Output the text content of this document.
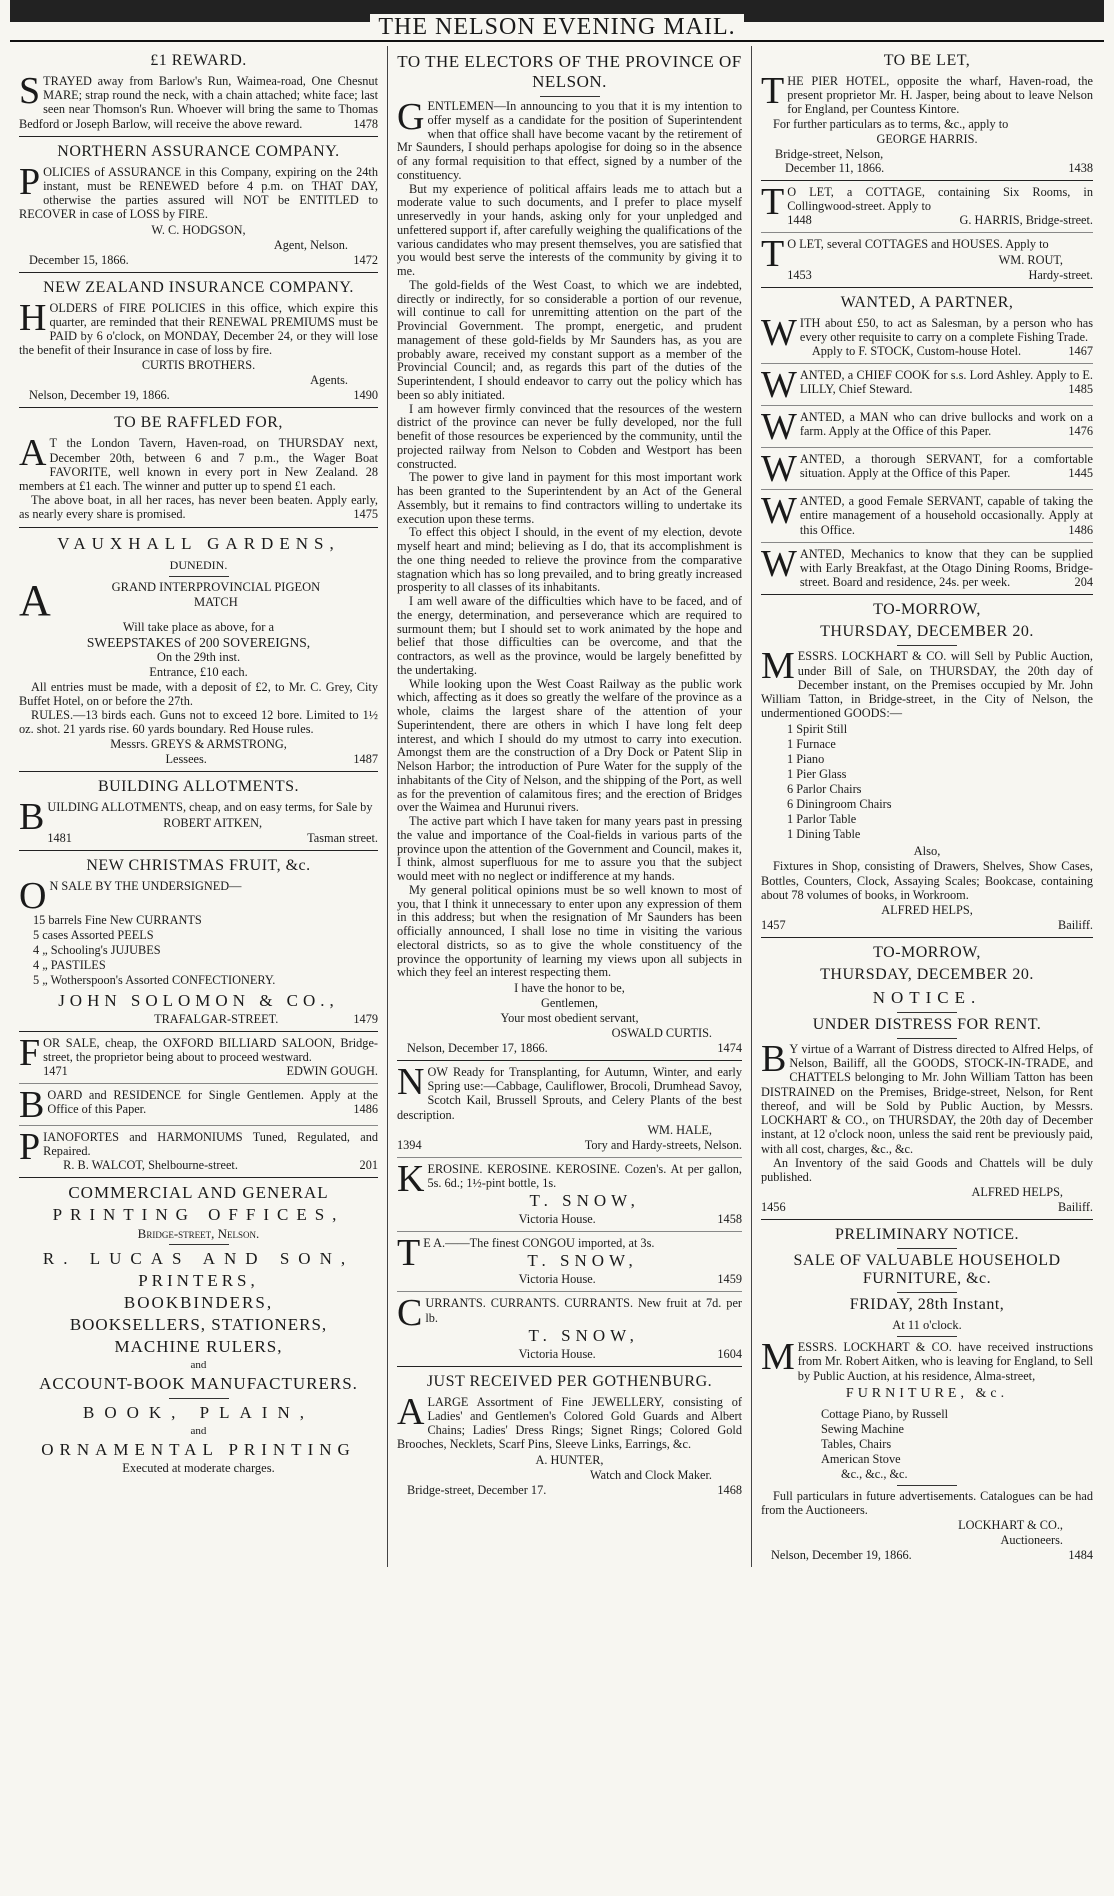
THE NELSON EVENING MAIL.
£1 REWARD.

STRAYED away from Barlow's Run, Waimea-road, One Chesnut MARE; strap round the neck, with a chain attached; white face; last seen near Thomson's Run. Whoever will bring the same to Thomas Bedford or Joseph Barlow, will receive the above reward.	1478

NORTHERN ASSURANCE COMPANY.

POLICIES of ASSURANCE in this Company, expiring on the 24th instant, must be RENEWED before 4 p.m. on THAT DAY, otherwise the parties assured will NOT be ENTITLED to RECOVER in case of LOSS by FIRE.

W. C. HODGSON,
Agent, Nelson.
December 15, 1866.	1472
NEW ZEALAND INSURANCE COMPANY.

HOLDERS of FIRE POLICIES in this office, which expire this quarter, are reminded that their RENEWAL PREMIUMS must be PAID by 6 o'clock, on MONDAY, December 24, or they will lose the benefit of their Insurance in case of loss by fire.

CURTIS BROTHERS.
Agents.
Nelson, December 19, 1866.	1490
TO BE RAFFLED FOR,

A T the London Tavern, Haven-road, on THURSDAY next, December 20th, between 6 and 7 p.m., the Wager Boat FAVORITE, well known in every port in New Zealand. 28 members at £1 each. The winner and putter up to spend £1 each.

The above boat, in all her races, has never been beaten. Apply early, as nearly every share is promised.	1475

VAUXHALL GARDENS,
DUNEDIN.
A	GRAND INTERPROVINCIAL PIGEON
MATCH
Will take place as above, for a
SWEEPSTAKES of 200 SOVEREIGNS,
On the 29th inst.
Entrance, £10 each.

All entries must be made, with a deposit of £2, to Mr. C. Grey, City Buffet Hotel, on or before the 27th.

RULES.—13 birds each. Guns not to exceed 12 bore. Limited to 1½ oz. shot. 21 yards rise. 60 yards boundary. Red House rules.

Messrs. GREYS & ARMSTRONG,
Lessees.	1487
BUILDING ALLOTMENTS.

BUILDING ALLOTMENTS, cheap, and on easy terms, for Sale by

ROBERT AITKEN,
1481	Tasman street.
NEW CHRISTMAS FRUIT, &c.

O N SALE BY THE UNDERSIGNED—

15 barrels Fine New CURRANTS
5 cases Assorted PEELS
4 „ Schooling's JUJUBES
4 „ PASTILES
5 „ Wotherspoon's Assorted CONFECTIONERY.
JOHN SOLOMON & CO.,
TRAFALGAR-STREET.	1479

FOR SALE, cheap, the OXFORD BILLIARD SALOON, Bridge-street, the proprietor being about to proceed westward.

1471	EDWIN GOUGH.

BOARD and RESIDENCE for Single Gentlemen. Apply at the Office of this Paper.	1486

PIANOFORTES and HARMONIUMS Tuned, Regulated, and Repaired.

R. B. WALCOT, Shelbourne-street.	201
COMMERCIAL AND GENERAL
PRINTING OFFICES,
Bridge-street, Nelson.
R. LUCAS AND SON,
PRINTERS,
BOOKBINDERS,
BOOKSELLERS, STATIONERS,
MACHINE RULERS,
and
ACCOUNT-BOOK MANUFACTURERS.
BOOK, PLAIN,
and
ORNAMENTAL PRINTING
Executed at moderate charges.
TO THE ELECTORS OF THE PROVINCE OF NELSON.

GENTLEMEN—In announcing to you that it is my intention to offer myself as a candidate for the position of Superintendent when that office shall have become vacant by the retirement of Mr Saunders, I should perhaps apologise for doing so in the absence of any formal requisition to that effect, signed by a number of the constituency.

But my experience of political affairs leads me to attach but a moderate value to such documents, and I prefer to place myself unreservedly in your hands, asking only for your unpledged and unfettered support if, after carefully weighing the qualifications of the various candidates who may present themselves, you are satisfied that you would best serve the interests of the community by giving it to me.

The gold-fields of the West Coast, to which we are indebted, directly or indirectly, for so considerable a portion of our revenue, will continue to call for unremitting attention on the part of the Provincial Government. The prompt, energetic, and prudent management of these gold-fields by Mr Saunders has, as you are probably aware, received my constant support as a member of the Provincial Council; and, as regards this part of the duties of the Superintendent, I should endeavor to carry out the policy which has been so ably initiated.

I am however firmly convinced that the resources of the western district of the province can never be fully developed, nor the full benefit of those resources be experienced by the community, until the projected railway from Nelson to Cobden and Westport has been constructed.

The power to give land in payment for this most important work has been granted to the Superintendent by an Act of the General Assembly, but it remains to find contractors willing to undertake its execution upon these terms.

To effect this object I should, in the event of my election, devote myself heart and mind; believing as I do, that its accomplishment is the one thing needed to relieve the province from the comparative stagnation which has so long prevailed, and to bring greatly increased prosperity to all classes of its inhabitants.

I am well aware of the difficulties which have to be faced, and of the energy, determination, and perseverance which are required to surmount them; but I should set to work animated by the hope and belief that those difficulties can be overcome, and that the contractors, as well as the province, would be largely benefitted by the undertaking.

While looking upon the West Coast Railway as the public work which, affecting as it does so greatly the welfare of the province as a whole, claims the largest share of the attention of your Superintendent, there are others in which I have long felt deep interest, and which I should do my utmost to carry into execution. Amongst them are the construction of a Dry Dock or Patent Slip in Nelson Harbor; the introduction of Pure Water for the supply of the inhabitants of the City of Nelson, and the shipping of the Port, as well as for the prevention of calamitous fires; and the erection of Bridges over the Waimea and Hurunui rivers.

The active part which I have taken for many years past in pressing the value and importance of the Coal-fields in various parts of the province upon the attention of the Government and Council, makes it, I think, almost superfluous for me to assure you that the subject would meet with no neglect or indifference at my hands.

My general political opinions must be so well known to most of you, that I think it unnecessary to enter upon any expression of them in this address; but when the resignation of Mr Saunders has been officially announced, I shall lose no time in visiting the various electoral districts, so as to give the whole constituency of the province the opportunity of learning my views upon all subjects in which they feel an interest respecting them.

I have the honor to be,
Gentlemen,
Your most obedient servant,
OSWALD CURTIS.
Nelson, December 17, 1866.	1474

NOW Ready for Transplanting, for Autumn, Winter, and early Spring use:—Cabbage, Cauliflower, Brocoli, Drumhead Savoy, Scotch Kail, Brussell Sprouts, and Celery Plants of the best description.

WM. HALE,
1394	Tory and Hardy-streets, Nelson.

KEROSINE. KEROSINE. KEROSINE. Cozen's. At per gallon, 5s. 6d.; 1½-pint bottle, 1s.

T. SNOW,
Victoria House.	1458

T E A.——The finest CONGOU imported, at 3s.

T. SNOW,
Victoria House.	1459

CURRANTS. CURRANTS. CURRANTS. New fruit at 7d. per lb.

T. SNOW,
Victoria House.	1604
JUST RECEIVED PER GOTHENBURG.

ALARGE Assortment of Fine JEWELLERY, consisting of Ladies' and Gentlemen's Colored Gold Guards and Albert Chains; Ladies' Dress Rings; Signet Rings; Colored Gold Brooches, Necklets, Scarf Pins, Sleeve Links, Earrings, &c.

A. HUNTER,
Watch and Clock Maker.
Bridge-street, December 17.	1468
TO BE LET,

THE PIER HOTEL, opposite the wharf, Haven-road, the present proprietor Mr. H. Jasper, being about to leave Nelson for England, per Countess Kintore.

For further particulars as to terms, &c., apply to

GEORGE HARRIS.
Bridge-street, Nelson,
December 11, 1866.	1438

T O LET, a COTTAGE, containing Six Rooms, in Collingwood-street. Apply to

1448	G. HARRIS, Bridge-street.

T O LET, several COTTAGES and HOUSES. Apply to

WM. ROUT,
1453	Hardy-street.
WANTED, A PARTNER,

WITH about £50, to act as Salesman, by a person who has every other requisite to carry on a complete Fishing Trade.

Apply to F. STOCK, Custom-house Hotel.	1467

WANTED, a CHIEF COOK for s.s. Lord Ashley. Apply to E. LILLY, Chief Steward.	1485

WANTED, a MAN who can drive bullocks and work on a farm. Apply at the Office of this Paper.	1476

WANTED, a thorough SERVANT, for a comfortable situation. Apply at the Office of this Paper.	1445

WANTED, a good Female SERVANT, capable of taking the entire management of a household occasionally. Apply at this Office.	1486

WANTED, Mechanics to know that they can be supplied with Early Breakfast, at the Otago Dining Rooms, Bridge-street. Board and residence, 24s. per week.	204

TO-MORROW,
THURSDAY, DECEMBER 20.

MESSRS. LOCKHART & CO. will Sell by Public Auction, under Bill of Sale, on THURSDAY, the 20th day of December instant, on the Premises occupied by Mr. John William Tatton, in Bridge-street, in the City of Nelson, the undermentioned GOODS:—

1 Spirit Still
1 Furnace
1 Piano
1 Pier Glass
6 Parlor Chairs
6 Diningroom Chairs
1 Parlor Table
1 Dining Table
Also,

Fixtures in Shop, consisting of Drawers, Shelves, Show Cases, Bottles, Counters, Clock, Assaying Scales; Bookcase, containing about 78 volumes of books, in Workroom.

ALFRED HELPS,
1457	Bailiff.
TO-MORROW,
THURSDAY, DECEMBER 20.
NOTICE.
UNDER DISTRESS FOR RENT.

B Y virtue of a Warrant of Distress directed to Alfred Helps, of Nelson, Bailiff, all the GOODS, STOCK-IN-TRADE, and CHATTELS belonging to Mr. John William Tatton has been DISTRAINED on the Premises, Bridge-street, Nelson, for Rent thereof, and will be Sold by Public Auction, by Messrs. LOCKHART & CO., on THURSDAY, the 20th day of December instant, at 12 o'clock noon, unless the said rent be previously paid, with all cost, charges, &c., &c.

An Inventory of the said Goods and Chattels will be duly published.

ALFRED HELPS,
1456	Bailiff.
PRELIMINARY NOTICE.
SALE OF VALUABLE HOUSEHOLD FURNITURE, &c.
FRIDAY, 28th Instant,
At 11 o'clock.

MESSRS. LOCKHART & CO. have received instructions from Mr. Robert Aitken, who is leaving for England, to Sell by Public Auction, at his residence, Alma-street,

FURNITURE, &c.
Cottage Piano, by Russell
Sewing Machine
Tables, Chairs
American Stove
&c., &c., &c.

Full particulars in future advertisements. Catalogues can be had from the Auctioneers.

LOCKHART & CO.,
Auctioneers.
Nelson, December 19, 1866.	1484
